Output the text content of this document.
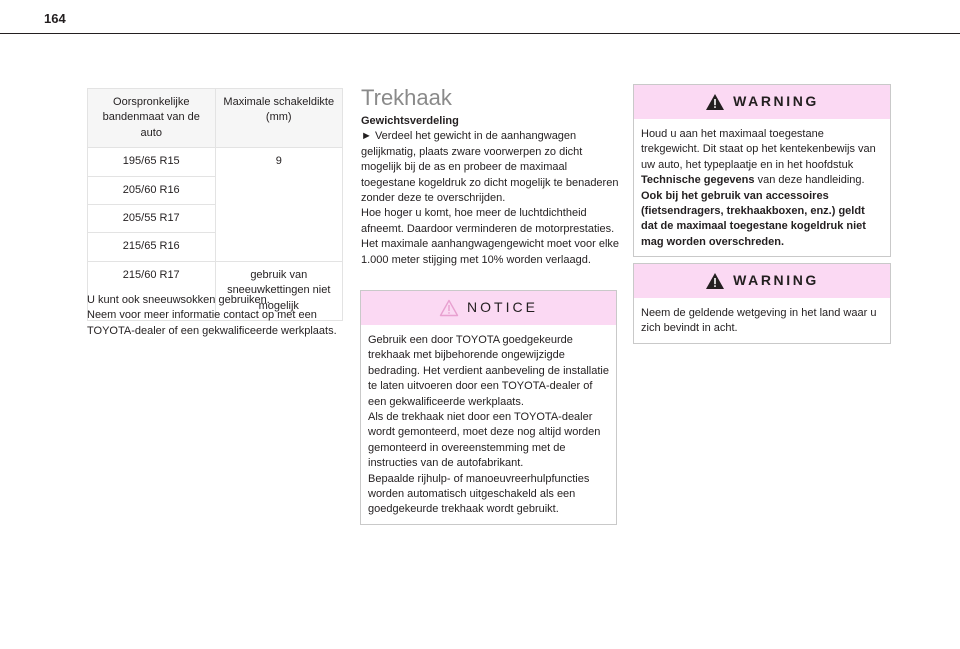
164
Oorspronkelijke bandenmaat van de auto	Maximale schakeldikte (mm)
195/65 R15	9
205/60 R16	
205/55 R17	
215/65 R16	
215/60 R17	gebruik van sneeuwkettingen niet mogelijk
U kunt ook sneeuwsokken gebruiken.
Neem voor meer informatie contact op met een TOYOTA-dealer of een gekwalificeerde werkplaats.
Trekhaak
Gewichtsverdeling
► Verdeel het gewicht in de aanhangwagen gelijkmatig, plaats zware voorwerpen zo dicht mogelijk bij de as en probeer de maximaal toegestane kogeldruk zo dicht mogelijk te benaderen zonder deze te overschrijden.
Hoe hoger u komt, hoe meer de luchtdichtheid afneemt. Daardoor verminderen de motorprestaties. Het maximale aanhangwagengewicht moet voor elke 1.000 meter stijging met 10% worden verlaagd.
NOTICE
Gebruik een door TOYOTA goedgekeurde trekhaak met bijbehorende ongewijzigde bedrading. Het verdient aanbeveling de installatie te laten uitvoeren door een TOYOTA-dealer of een gekwalificeerde werkplaats.
Als de trekhaak niet door een TOYOTA-dealer wordt gemonteerd, moet deze nog altijd worden gemonteerd in overeenstemming met de instructies van de autofabrikant.
Bepaalde rijhulp- of manoeuvreerhulpfuncties worden automatisch uitgeschakeld als een goedgekeurde trekhaak wordt gebruikt.
WARNING
Houd u aan het maximaal toegestane trekgewicht. Dit staat op het kentekenbewijs van uw auto, het typeplaatje en in het hoofdstuk Technische gegevens van deze handleiding.
Ook bij het gebruik van accessoires (fietsendragers, trekhaakboxen, enz.) geldt dat de maximaal toegestane kogeldruk niet mag worden overschreden.
WARNING
Neem de geldende wetgeving in het land waar u zich bevindt in acht.
